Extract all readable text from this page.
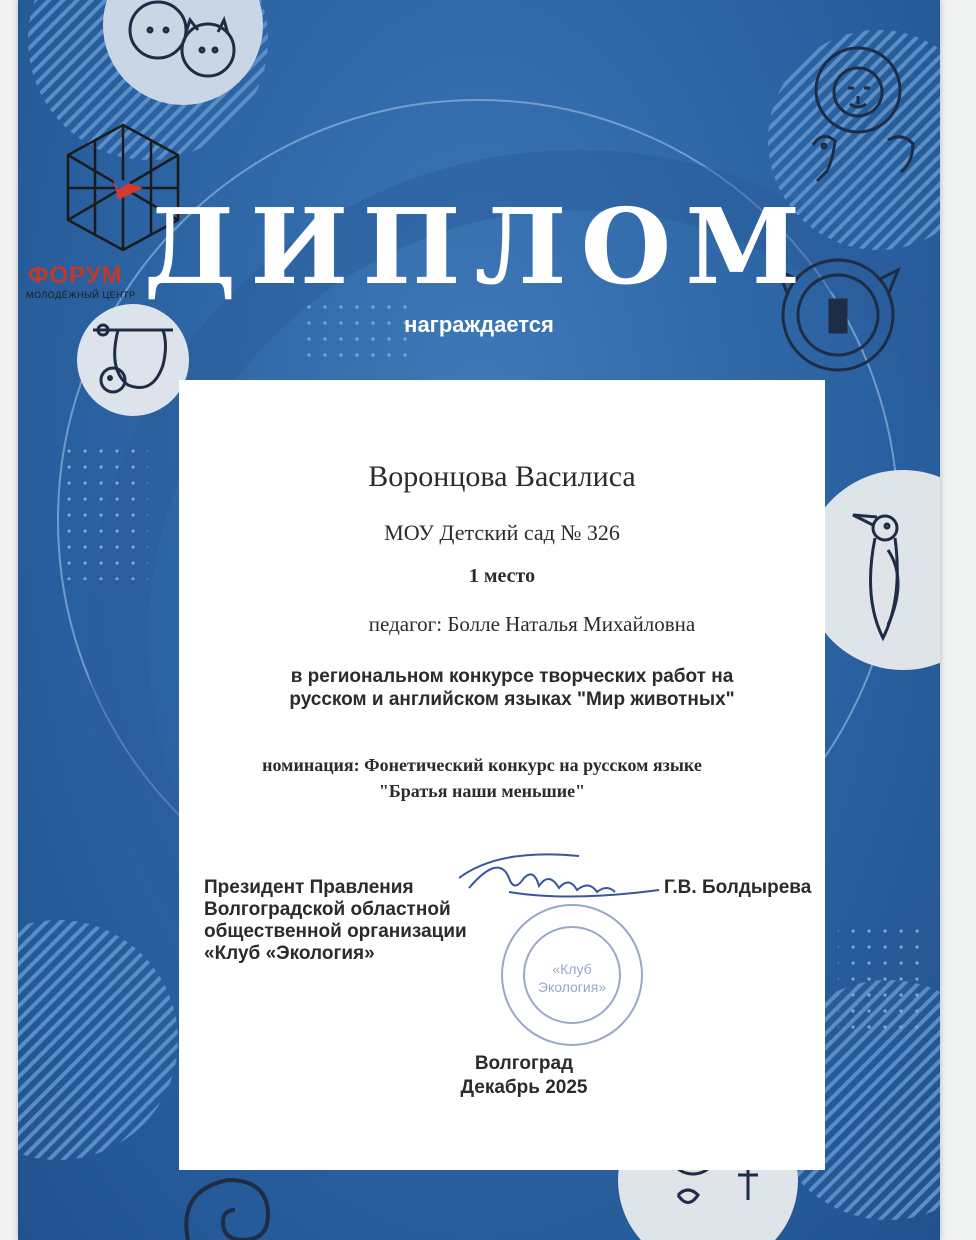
ФОРУМ
МОЛОДЁЖНЫЙ ЦЕНТР ДИПЛОМ
награждается
Воронцова Василиса
МОУ Детский сад № 326
1 место
педагог: Болле Наталья Михайловна
в региональном конкурсе творческих работ на
русском и английском языках "Мир животных"
номинация: Фонетический конкурс на русском языке
"Братья наши меньшие"
Президент Правления
Волгоградской областной
общественной организации
«Клуб «Экология»
Г.В. Болдырева
«Клуб
Экология»
Волгоград
Декабрь 2025
